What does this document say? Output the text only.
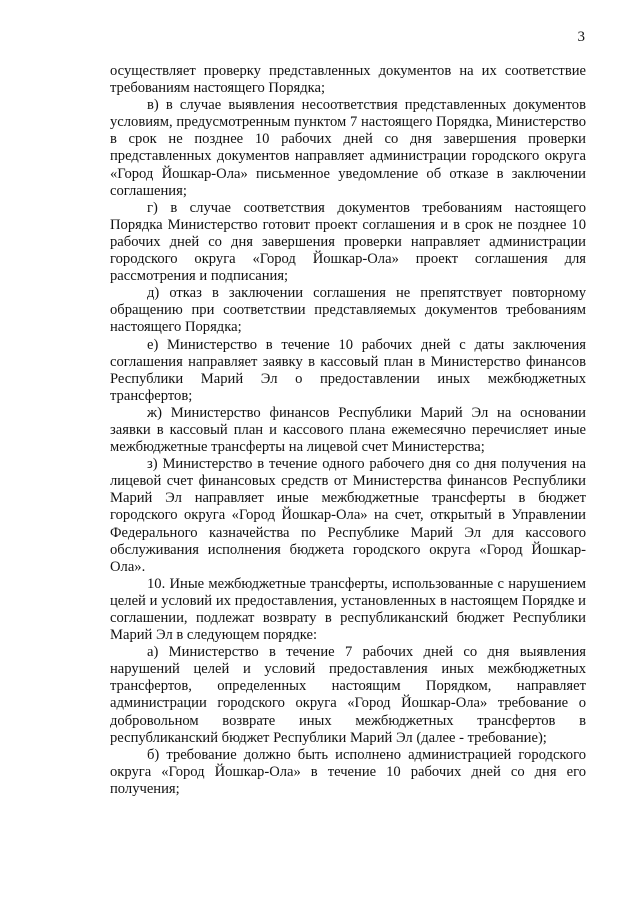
3

осуществляет проверку представленных документов на их соответствие требованиям настоящего Порядка;

в) в случае выявления несоответствия представленных документов условиям, предусмотренным пунктом 7 настоящего Порядка, Министерство в срок не позднее 10 рабочих дней со дня завершения проверки представленных документов направляет администрации городского округа «Город Йошкар-Ола» письменное уведомление об отказе в заключении соглашения;

г) в случае соответствия документов требованиям настоящего Порядка Министерство готовит проект соглашения и в срок не позднее 10 рабочих дней со дня завершения проверки направляет администрации городского округа «Город Йошкар-Ола» проект соглашения для рассмотрения и подписания;

д) отказ в заключении соглашения не препятствует повторному обращению при соответствии представляемых документов требованиям настоящего Порядка;

е) Министерство в течение 10 рабочих дней с даты заключения соглашения направляет заявку в кассовый план в Министерство финансов Республики Марий Эл о предоставлении иных межбюджетных трансфертов;

ж) Министерство финансов Республики Марий Эл на основании заявки в кассовый план и кассового плана ежемесячно перечисляет иные межбюджетные трансферты на лицевой счет Министерства;

з) Министерство в течение одного рабочего дня со дня получения на лицевой счет финансовых средств от Министерства финансов Республики Марий Эл направляет иные межбюджетные трансферты в бюджет городского округа «Город Йошкар-Ола» на счет, открытый в Управлении Федерального казначейства по Республике Марий Эл для кассового обслуживания исполнения бюджета городского округа «Город Йошкар-Ола».

10. Иные межбюджетные трансферты, использованные с нарушением целей и условий их предоставления, установленных в настоящем Порядке и соглашении, подлежат возврату в республиканский бюджет Республики Марий Эл в следующем порядке:

а) Министерство в течение 7 рабочих дней со дня выявления нарушений целей и условий предоставления иных межбюджетных трансфертов, определенных настоящим Порядком, направляет администрации городского округа «Город Йошкар-Ола» требование о добровольном возврате иных межбюджетных трансфертов в республиканский бюджет Республики Марий Эл (далее - требование);

б) требование должно быть исполнено администрацией городского округа «Город Йошкар-Ола» в течение 10 рабочих дней со дня его получения;
